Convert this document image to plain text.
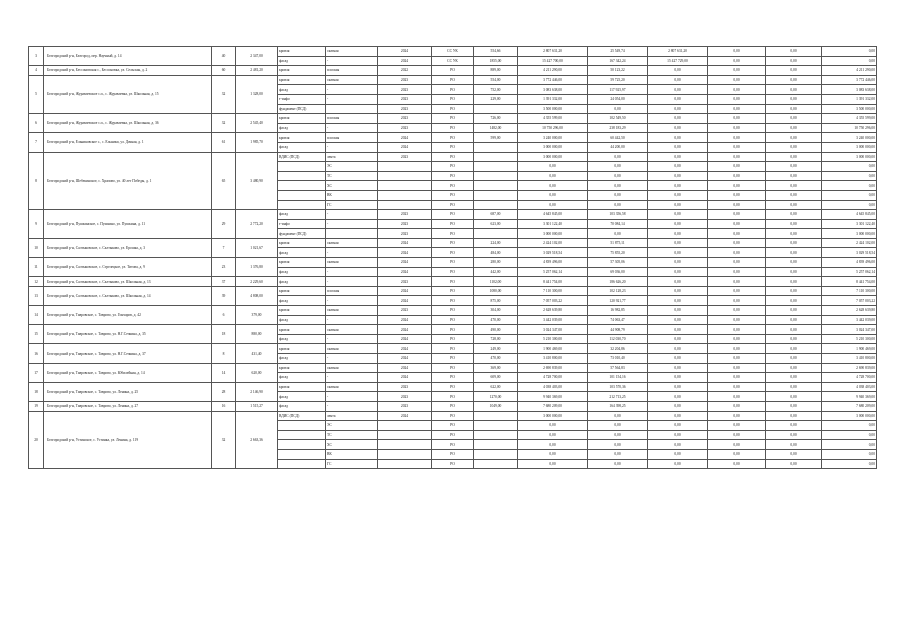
3	Белгородский р-н, Белгород, пер. Научный, д. 14	40	2 347,00	кровля	скатная	2024	СС УК	554,66	2 807 631,20	25 549,74	2 807 631,20	0,00	0,00	0,00
				фасад	-	2024	СС УК	1855,00	15 427 700,00	167 342,24	15 427 729,00	0,00	0,00	0,00
4	Белгородский р-н, Бессоновская с., Бессоновка, ул. Сельская, д. 2	60	2 481,20	кровля	плоская	2022	РО	889,00	4 211 290,00	50 123,22	0,00	0,00	0,00	4 211 290,00
5	Белгородский р-н, Журавлевское с.п., с. Журавлевка, ул. Школьная, д. 15	32	1 328,00	кровля	скатная	2023	РО	554,00	3 772 446,00	59 725,20	0,00	0,00	0,00	3 772 446,00
				фасад	-	2023	РО	752,00	3 083 638,00	117 925,97	0,00	0,00	0,00	3 083 638,00
				т-инфо	-	2023	РО	229,00	1 391 332,00	24 054,00	0,00	0,00	0,00	1 391 332,00
				фундамент (ПСД)		2023	РО		3 500 000,00	0,00	0,00	0,00	0,00	3 500 000,00
6	Белгородский р-н, Журавлевское с.п., с. Журавлевка, ул. Школьная, д. 36	32	2 545,40	кровля	плоская	2023	РО	726,00	4 355 599,00	102 549,50	0,00	0,00	0,00	4 355 599,00
				фасад	-	2023	РО	1482,00	10 750 296,00	238 183,29	0,00	0,00	0,00	10 750 296,00
7	Белгородский р-н, Ельниковское с., с. Ельники, ул. Дачная, д. 1	61	1 985,70	кровля	плоская	2024	РО	599,00	3 240 000,00	60 442,50	0,00	0,00	0,00	3 240 000,00
				фасад	-	2024	РО		3 000 000,00	44 200,00	0,00	0,00	0,00	3 000 000,00
8	Белгородский р-н, Шебекинское, с. Храпово, ул. 40 лет Победы, д. 1	65	3 480,90	ВДИС (ПСД)	лента	2023	РО		3 000 000,00	0,00	0,00	0,00	0,00	3 000 000,00
					ЭС		РО		0,00	0,00	0,00	0,00	0,00	0,00
					ТС		РО		0,00	0,00	0,00	0,00	0,00	0,00
					ХС		РО		0,00	0,00	0,00	0,00	0,00	0,00
					ВК		РО		0,00	0,00	0,00	0,00	0,00	0,00
					ГС		РО		0,00	0,00	0,00	0,00	0,00	0,00
9	Белгородский р-н, Пушкинское, с. Пушкино, ул. Пушкина, д. 11	29	2 772,20	фасад	-	2023	РО	687,00	4 645 845,00	103 356,58	0,00	0,00	0,00	4 645 845,00
				т-инфо	-	2023	РО	623,00	3 301 122,40	70 084,14	0,00	0,00	0,00	3 301 122,40
				фундамент (ПСД)		2023	РО		3 000 000,00	0,00	0,00	0,00	0,00	3 000 000,00
10	Белгородский р-н, Салтыковское, с. Салтыково, ул. Ерошка, д. 3	7	1 021,67	кровля	скатная	2024	РО	224,00	2 424 102,00	51 875,11	0,00	0,00	0,00	2 424 102,00
				фасад	-	2024	РО	484,00	3 029 518,54	75 855,20	0,00	0,00	0,00	3 029 518,54
11	Белгородский р-н, Салтыковское, с. Стрелецкое, ул. Титова, д. 9	23	1 376,80	кровля	скатная	2024	РО	280,00	4 839 496,00	57 305,06	0,00	0,00	0,00	4 839 496,00
				фасад	-	2024	РО	442,00	5 257 062,14	69 036,00	0,00	0,00	0,00	5 257 062,14
12	Белгородский р-н, Салтыковское, с. Салтыково, ул. Школьная, д. 13	37	2 229,60	фасад	-	2023	РО	1102,00	8 441 754,00	186 626,20	0,00	0,00	0,00	8 441 754,00
13	Белгородский р-н, Салтыковское, с. Салтыково, ул. Школьная, д. 14	39	4 808,00	кровля	плоская	2024	РО	1080,00	7 110 300,00	102 128,23	0,00	0,00	0,00	7 110 300,00
				фасад	-	2024	РО	875,00	7 057 003,22	120 921,77	0,00	0,00	0,00	7 057 003,22
14	Белгородский р-н, Тавровское, с. Таврово, ул. Гончаров, д. 42	6	379,00	кровля	скатная	2023	РО	304,00	2 628 639,80	16 982,85	0,00	0,00	0,00	2 628 639,80
				фасад	-	2024	РО	470,00	3 442 039,00	74 063,47	0,00	0,00	0,00	3 442 039,00
15	Белгородский р-н, Тавровское, с. Таврово, ул. Н.Г.Сечкина, д. 35	18	880,00	кровля	скатная	2024	РО	490,00	3 024 347,00	44 908,79	0,00	0,00	0,00	3 024 347,00
				фасад	-	2024	РО	728,00	5 210 300,00	112 030,70	0,00	0,00	0,00	5 210 300,00
16	Белгородский р-н, Тавровское, с. Таврово, ул. Н.Г.Сечкина, д. 37	8	431,40	кровля	скатная	2024	РО	249,00	1 900 469,00	32 204,86	0,00	0,00	0,00	1 900 469,00
				фасад	-	2024	РО	470,00	3 410 800,00	73 010,40	0,00	0,00	0,00	3 410 800,00
17	Белгородский р-н, Тавровское, с. Таврово, ул. Юбилейная, д. 14	14	620,00	кровля	скатная	2024	РО	369,00	2 690 839,00	57 564,83	0,00	0,00	0,00	2 690 839,00
				фасад	-	2024	РО	609,00	4 728 700,00	101 154,16	0,00	0,00	0,00	4 728 700,00
18	Белгородский р-н, Тавровское, с. Таврово, ул. Ленина, д. 25	28	2 146,90	кровля	скатная	2023	РО	622,00	4 038 403,00	103 570,36	0,00	0,00	0,00	4 038 403,00
				фасад	-	2023	РО	1270,00	9 940 369,00	212 713,25	0,00	0,00	0,00	9 940 369,00
19	Белгородский р-н, Тавровское, с. Таврово, ул. Ленина, д. 27	16	1 515,27	фасад	-	2023	РО	1049,00	7 680 209,00	164 398,25	0,00	0,00	0,00	7 680 209,00
20	Белгородский р-н, Устинское, с. Устинка, ул. Ленина, д. 119	32	2 663,36	ВДИС (ПСД)	лента	2024	РО		3 000 000,00	0,00	0,00	0,00	0,00	3 000 000,00
					ЭС		РО		0,00	0,00	0,00	0,00	0,00	0,00
					ТС		РО		0,00	0,00	0,00	0,00	0,00	0,00
					ХС		РО		0,00	0,00	0,00	0,00	0,00	0,00
					ВК		РО		0,00	0,00	0,00	0,00	0,00	0,00
					ГС		РО		0,00	0,00	0,00	0,00	0,00	0,00
